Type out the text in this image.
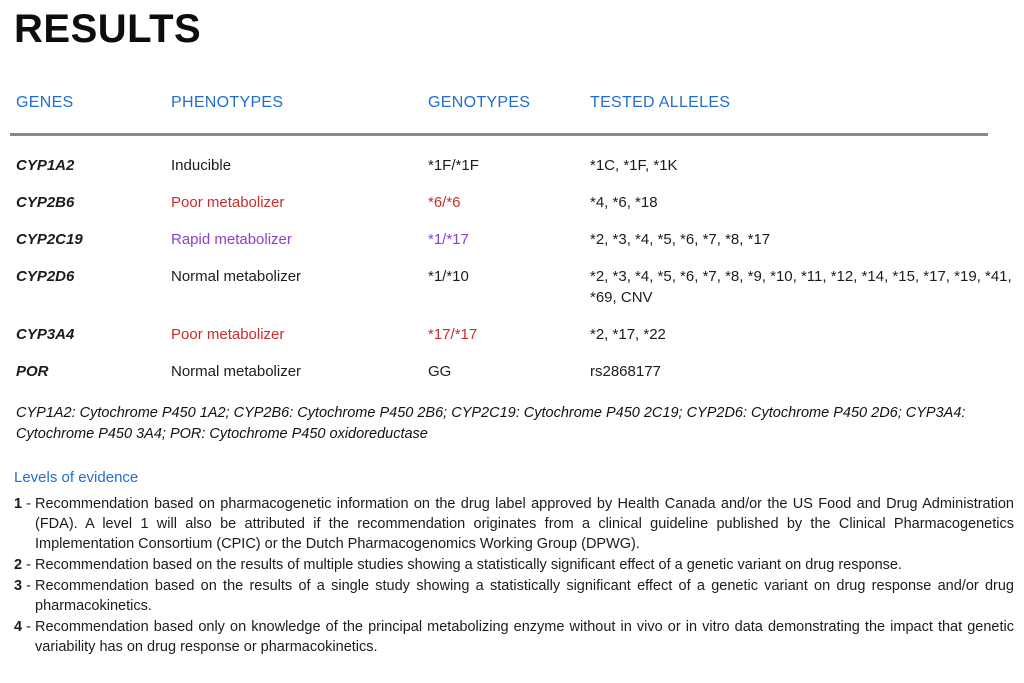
RESULTS
GENES	PHENOTYPES	GENOTYPES	TESTED ALLELES
CYP1A2	Inducible	*1F/*1F	*1C, *1F, *1K
CYP2B6	Poor metabolizer	*6/*6	*4, *6, *18
CYP2C19	Rapid metabolizer	*1/*17	*2, *3, *4, *5, *6, *7, *8, *17
CYP2D6	Normal metabolizer	*1/*10	*2, *3, *4, *5, *6, *7, *8, *9, *10, *11, *12, *14, *15, *17, *19, *41, *69, CNV
CYP3A4	Poor metabolizer	*17/*17	*2, *17, *22
POR	Normal metabolizer	GG	rs2868177

CYP1A2: Cytochrome P450 1A2; CYP2B6: Cytochrome P450 2B6; CYP2C19: Cytochrome P450 2C19; CYP2D6: Cytochrome P450 2D6; CYP3A4: Cytochrome P450 3A4; POR: Cytochrome P450 oxidoreductase

Levels of evidence

1 - Recommendation based on pharmacogenetic information on the drug label approved by Health Canada and/or the US Food and Drug Administration (FDA). A level 1 will also be attributed if the recommendation originates from a clinical guideline published by the Clinical Pharmacogenetics Implementation Consortium (CPIC) or the Dutch Pharmacogenomics Working Group (DPWG).
2 - Recommendation based on the results of multiple studies showing a statistically significant effect of a genetic variant on drug response.
3 - Recommendation based on the results of a single study showing a statistically significant effect of a genetic variant on drug response and/or drug pharmacokinetics.
4 - Recommendation based only on knowledge of the principal metabolizing enzyme without in vivo or in vitro data demonstrating the impact that genetic variability has on drug response or pharmacokinetics.
